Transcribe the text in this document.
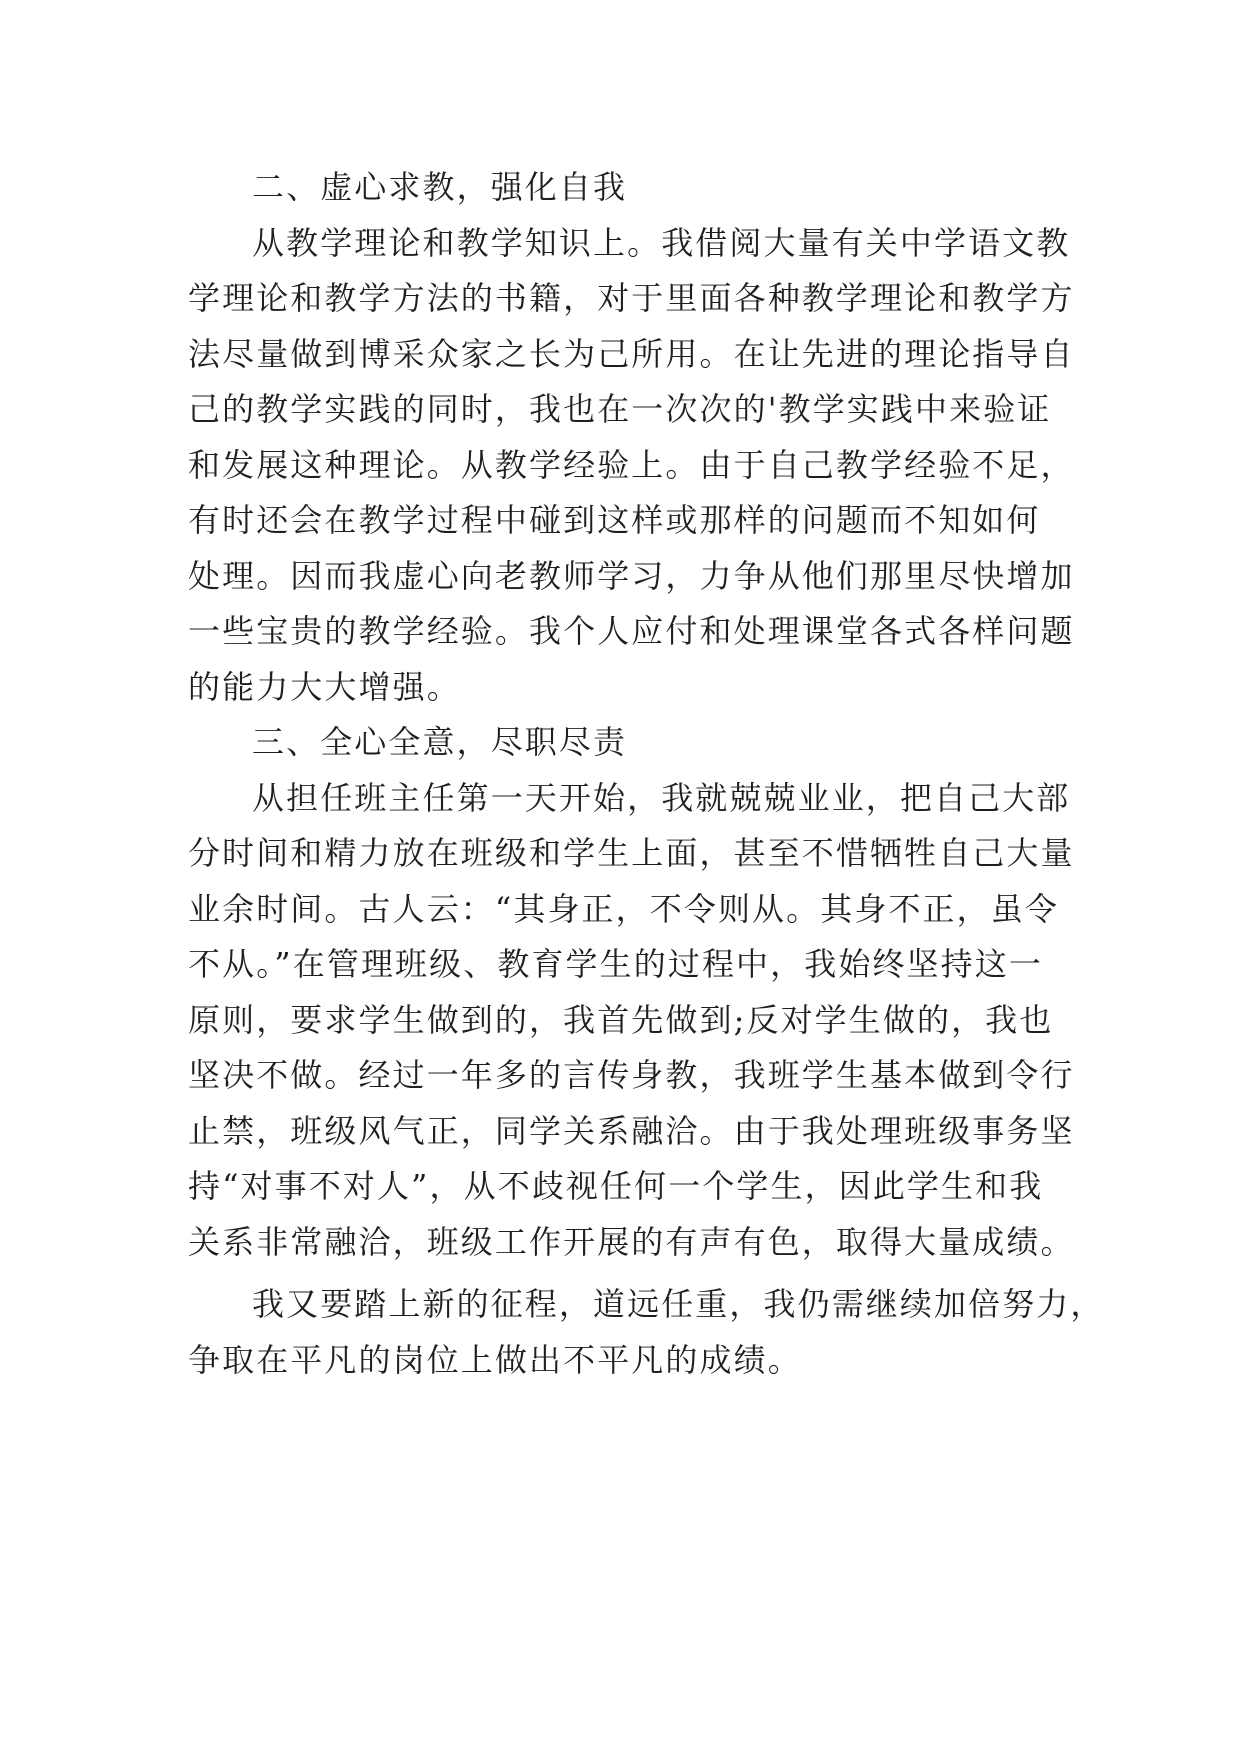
二、虚心求教，强化自我
从教学理论和教学知识上。我借阅大量有关中学语文教
学理论和教学方法的书籍，对于里面各种教学理论和教学方
法尽量做到博采众家之长为己所用。在让先进的理论指导自
己的教学实践的同时，我也在一次次的'教学实践中来验证
和发展这种理论。从教学经验上。由于自己教学经验不足，
有时还会在教学过程中碰到这样或那样的问题而不知如何
处理。因而我虚心向老教师学习，力争从他们那里尽快增加
一些宝贵的教学经验。我个人应付和处理课堂各式各样问题
的能力大大增强。
三、全心全意，尽职尽责
从担任班主任第一天开始，我就兢兢业业，把自己大部
分时间和精力放在班级和学生上面，甚至不惜牺牲自己大量
业余时间。古人云：“其身正，不令则从。其身不正，虽令
不从。”在管理班级、教育学生的过程中，我始终坚持这一
原则，要求学生做到的，我首先做到;反对学生做的，我也
坚决不做。经过一年多的言传身教，我班学生基本做到令行
止禁，班级风气正，同学关系融洽。由于我处理班级事务坚
持“对事不对人”，从不歧视任何一个学生，因此学生和我
关系非常融洽，班级工作开展的有声有色，取得大量成绩。
我又要踏上新的征程，道远任重，我仍需继续加倍努力，
争取在平凡的岗位上做出不平凡的成绩。
